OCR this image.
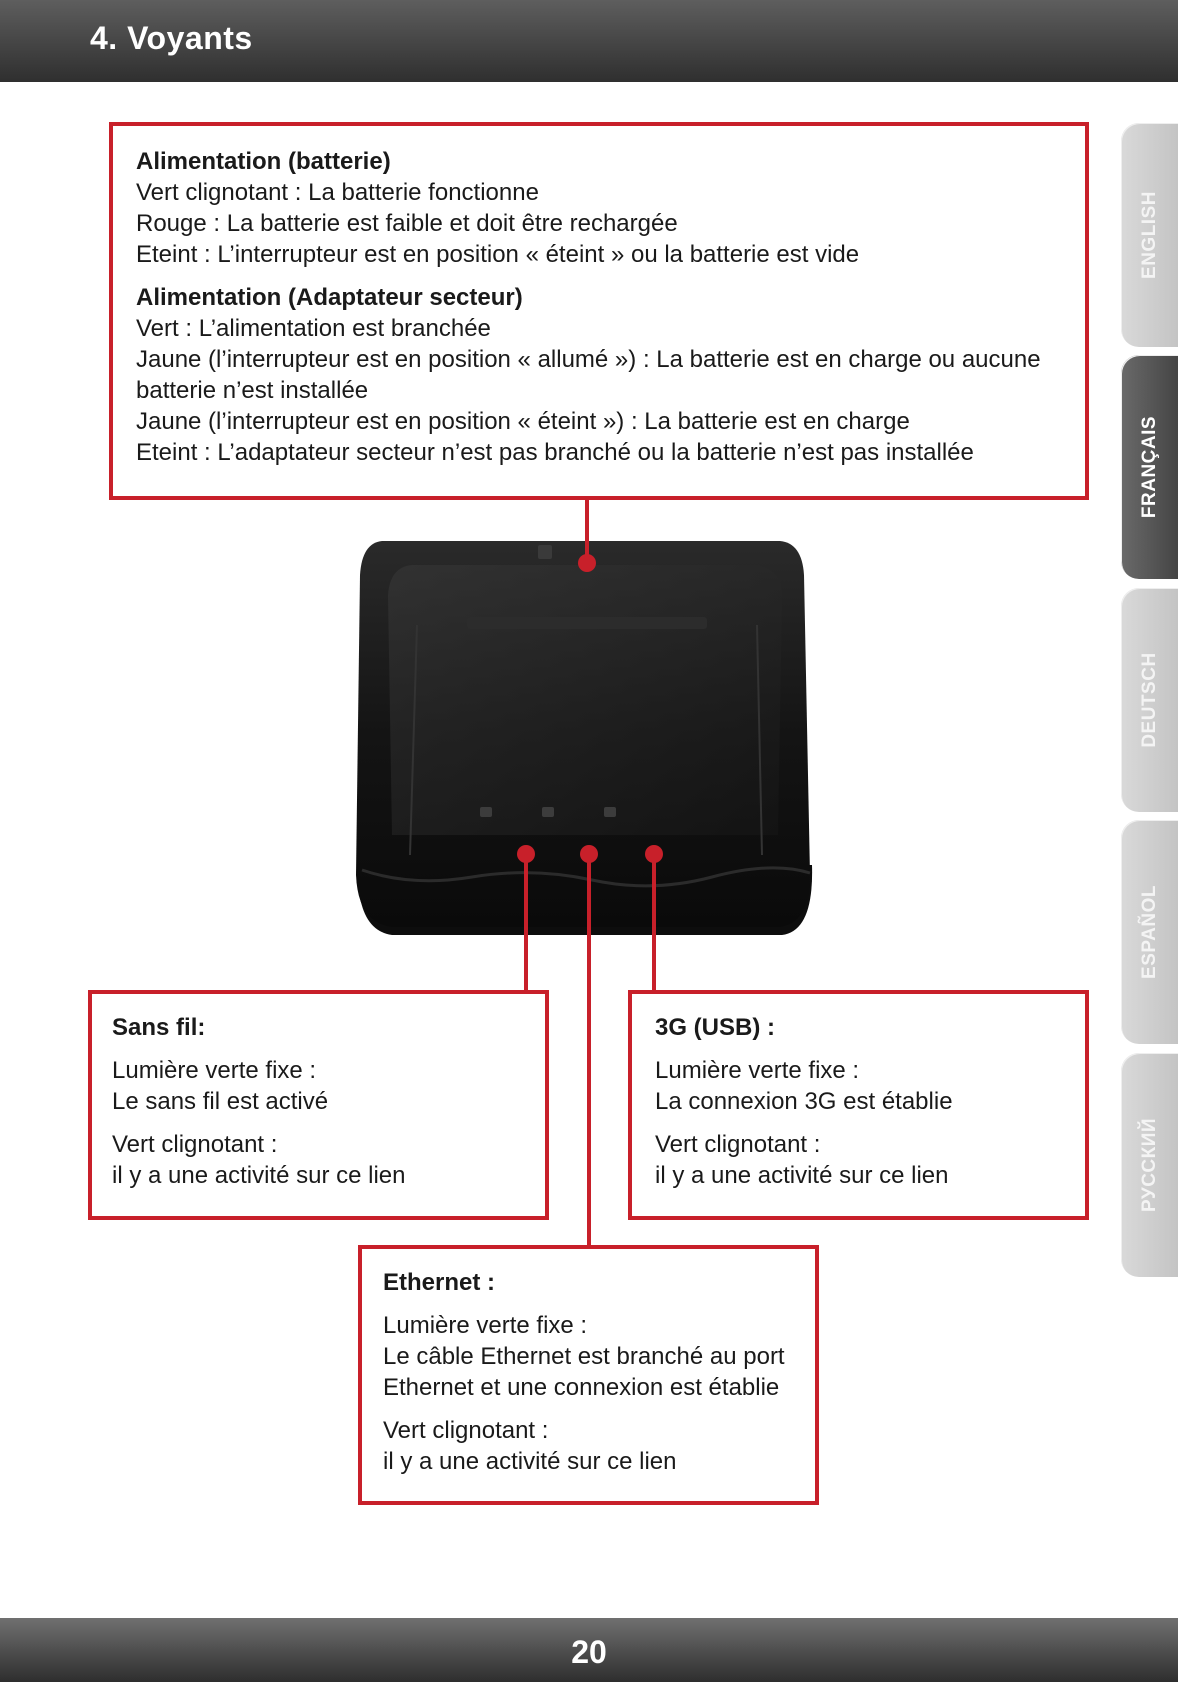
4. Voyants
ENGLISH
FRANÇAIS
DEUTSCH
ESPAÑOL
РУССКИЙ
Alimentation (batterie)
Vert clignotant : La batterie fonctionne
Rouge : La batterie est faible et doit être rechargée
Eteint : L’interrupteur est en position « éteint » ou la batterie est vide
Alimentation (Adaptateur secteur)
Vert : L’alimentation est branchée
Jaune (l’interrupteur est en position « allumé ») : La batterie est en charge ou aucune
batterie n’est installée
Jaune (l’interrupteur est en position « éteint ») : La batterie est en charge
Eteint : L’adaptateur secteur n’est pas branché ou la batterie n’est pas installée
Sans fil:
Lumière verte fixe :
Le sans fil est activé
Vert clignotant :
il y a une activité sur ce lien
3G (USB) :
Lumière verte fixe :
La connexion 3G est établie
Vert clignotant :
il y a une activité sur ce lien
Ethernet :
Lumière verte fixe :
Le câble Ethernet est branché au port
Ethernet et une connexion est établie
Vert clignotant :
il y a une activité sur ce lien
20
